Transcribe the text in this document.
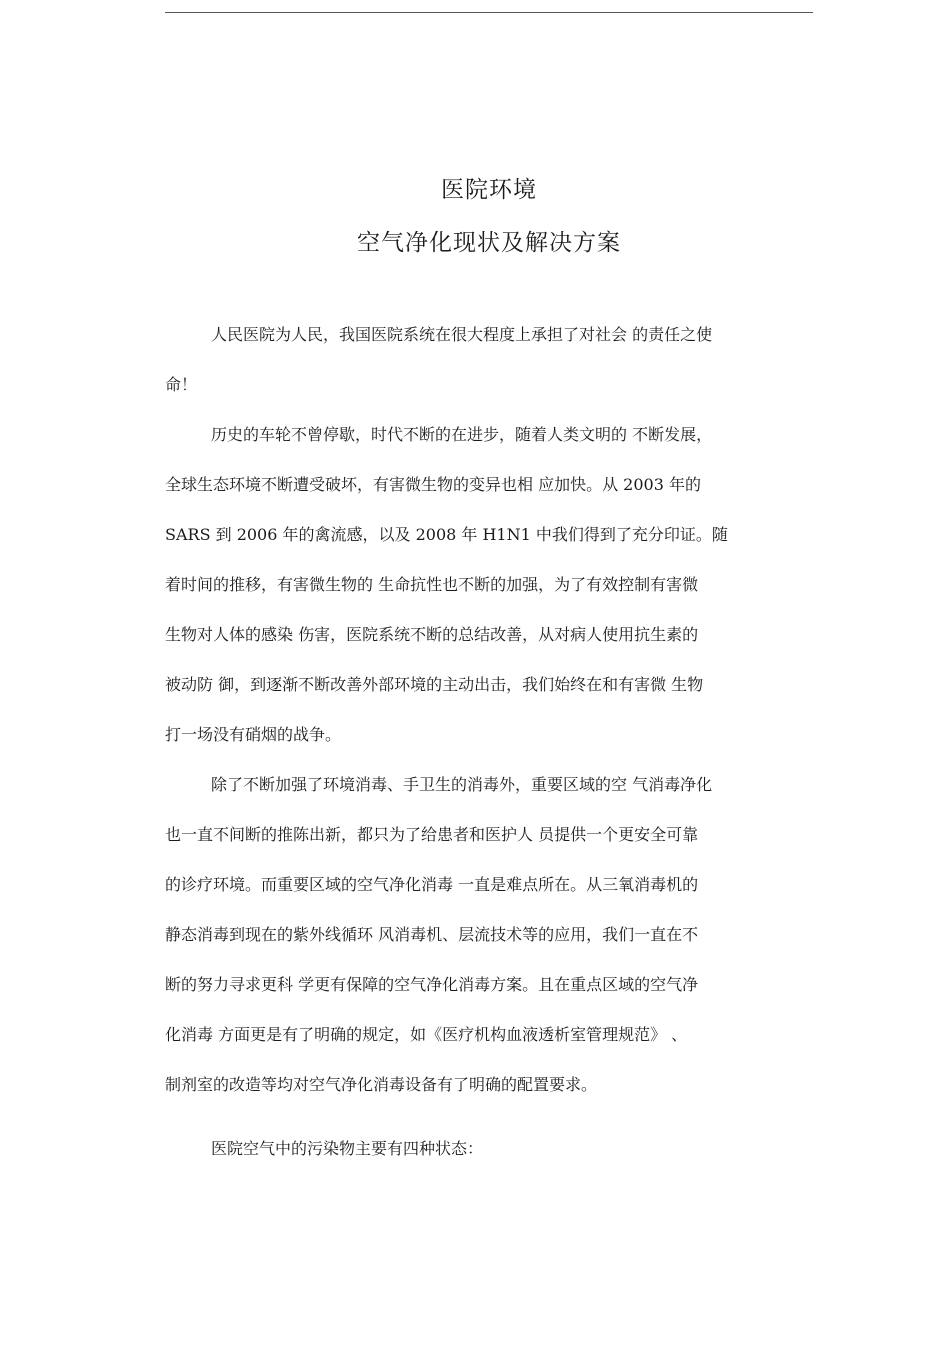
医院环境
空气净化现状及解决方案
人民医院为人民，我国医院系统在很大程度上承担了对社会 的责任之使
命！
历史的车轮不曾停歇，时代不断的在进步，随着人类文明的 不断发展，
全球生态环境不断遭受破坏，有害微生物的变异也相 应加快。从 2003 年的
SARS 到 2006 年的禽流感，以及 2008 年 H1N1 中我们得到了充分印证。随
着时间的推移，有害微生物的 生命抗性也不断的加强，为了有效控制有害微
生物对人体的感染 伤害，医院系统不断的总结改善，从对病人使用抗生素的
被动防 御，到逐渐不断改善外部环境的主动出击，我们始终在和有害微 生物
打一场没有硝烟的战争。
除了不断加强了环境消毒、手卫生的消毒外，重要区域的空 气消毒净化
也一直不间断的推陈出新，都只为了给患者和医护人 员提供一个更安全可靠
的诊疗环境。而重要区域的空气净化消毒 一直是难点所在。从三氧消毒机的
静态消毒到现在的紫外线循环 风消毒机、层流技术等的应用，我们一直在不
断的努力寻求更科 学更有保障的空气净化消毒方案。且在重点区域的空气净
化消毒 方面更是有了明确的规定，如《医疗机构血液透析室管理规范》 、
制剂室的改造等均对空气净化消毒设备有了明确的配置要求。
医院空气中的污染物主要有四种状态：
